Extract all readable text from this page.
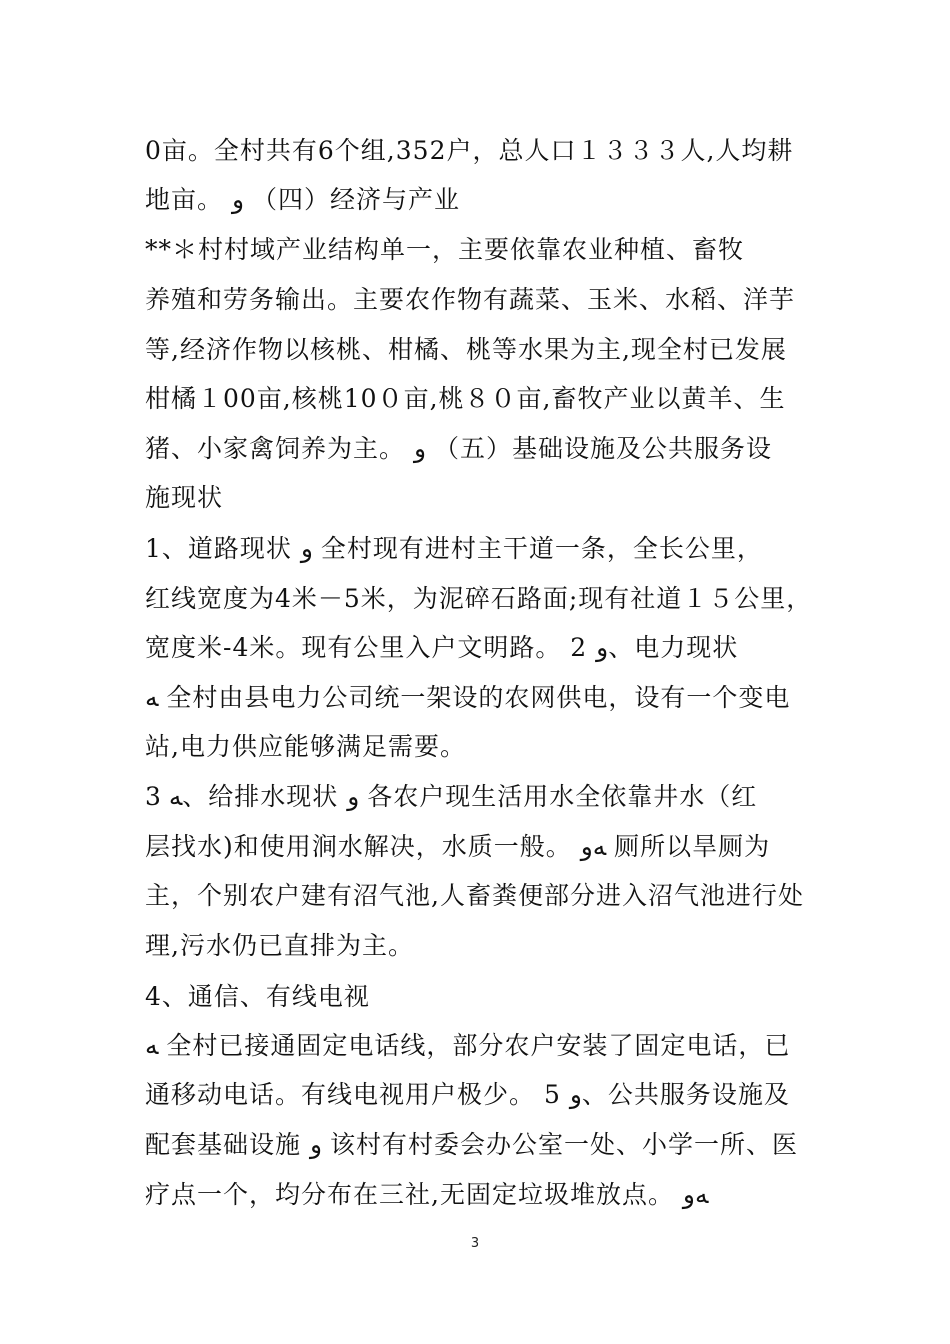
0亩。全村共有6个组,352户，总人口１３３３人,人均耕
地亩。 و （四）经济与产业
**＊村村域产业结构单一，主要依靠农业种植、畜牧
养殖和劳务输出。主要农作物有蔬菜、玉米、水稻、洋芋
等,经济作物以核桃、柑橘、桃等水果为主,现全村已发展
柑橘１00亩,核桃10０亩,桃８０亩,畜牧产业以黄羊、生
猪、小家禽饲养为主。 و （五）基础设施及公共服务设
施现状
1、道路现状 و 全村现有进村主干道一条，全长公里，
红线宽度为4米－5米，为泥碎石路面;现有社道１５公里，
宽度米-4米。现有公里入户文明路。 2 و、电力现状
ﻪ 全村由县电力公司统一架设的农网供电，设有一个变电
站,电力供应能够满足需要。
3 ﻪ、给排水现状 و 各农户现生活用水全依靠井水（红
层找水)和使用涧水解决，水质一般。 ﻪو 厕所以旱厕为
主，个别农户建有沼气池,人畜粪便部分进入沼气池进行处
理,污水仍已直排为主。
4、通信、有线电视
ﻪ 全村已接通固定电话线，部分农户安装了固定电话，已
通移动电话。有线电视用户极少。 5 و、公共服务设施及
配套基础设施 و 该村有村委会办公室一处、小学一所、医
疗点一个，均分布在三社,无固定垃圾堆放点。 ﻪو
3
